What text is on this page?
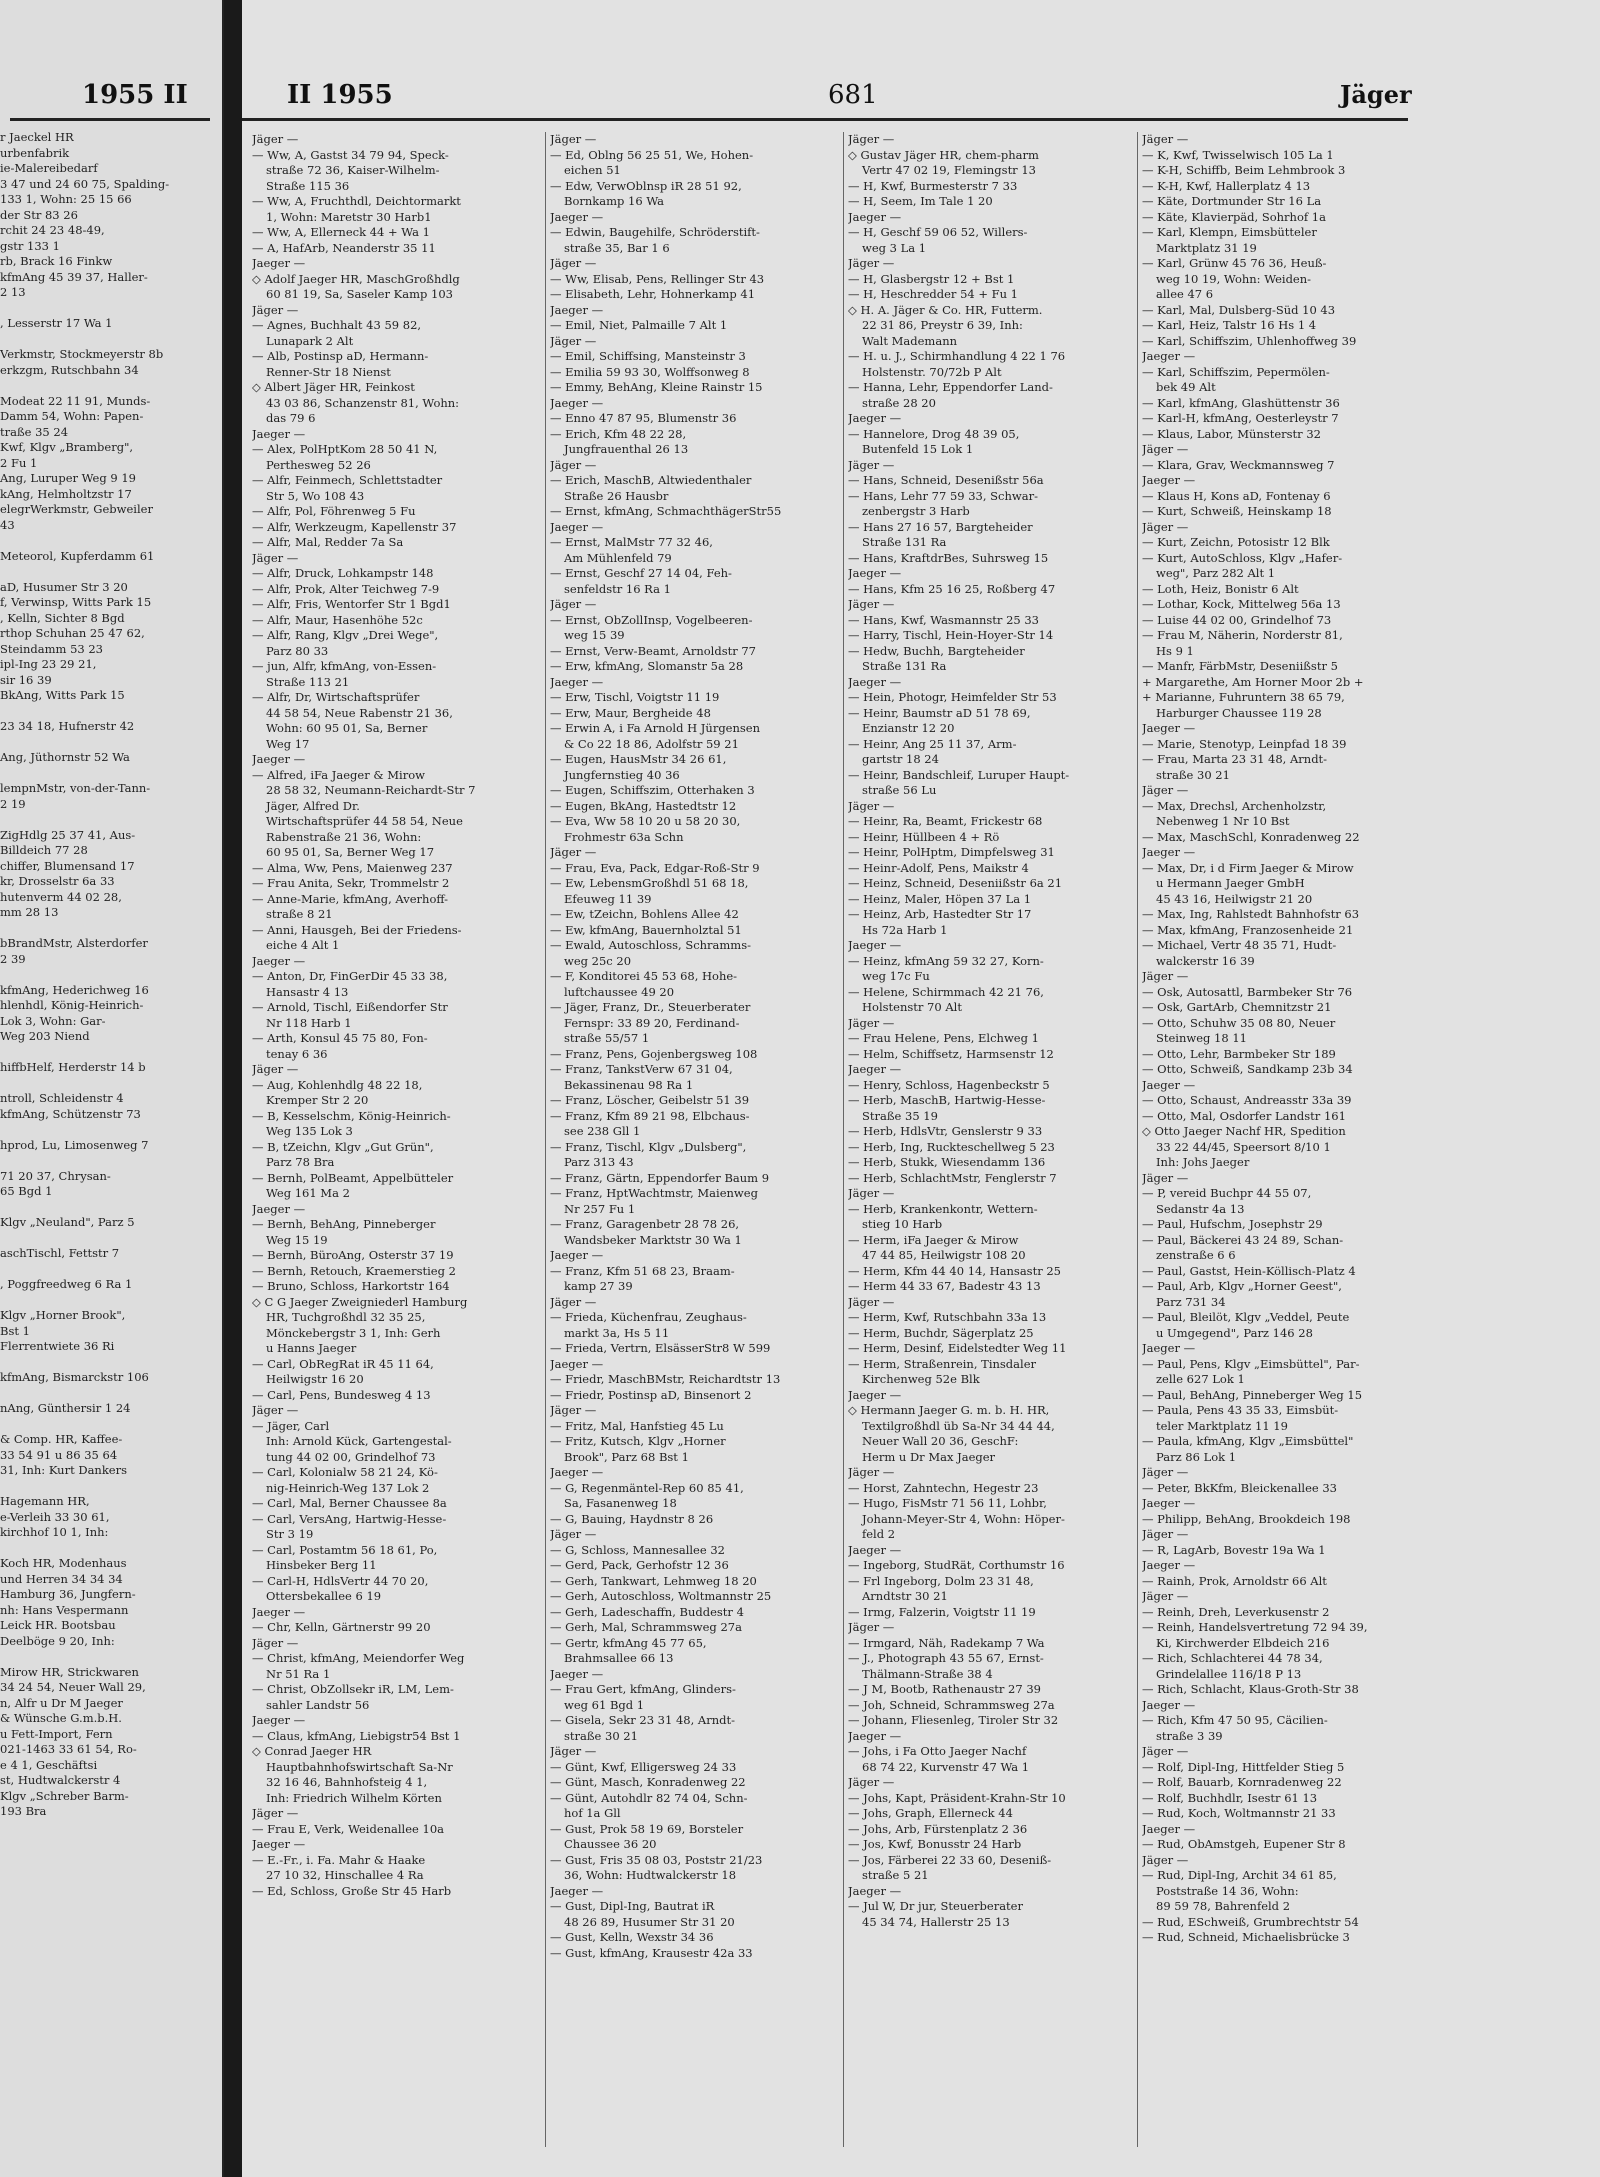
1955 II
r Jaeckel HR
urbenfabrik
ie-Malereibedarf
3 47 und 24 60 75, Spalding-
133 1, Wohn: 25 15 66
der Str 83 26
rchit 24 23 48-49,
gstr 133 1
rb, Brack 16 Finkw
kfmAng 45 39 37, Haller-
2 13

, Lesserstr 17 Wa 1

Verkmstr, Stockmeyerstr 8b
erkzgm, Rutschbahn 34

Modeat 22 11 91, Munds-
Damm 54, Wohn: Papen-
traße 35 24
Kwf, Klgv „Bramberg",
2 Fu 1
Ang, Luruper Weg 9 19
kAng, Helmholtzstr 17
elegrWerkmstr, Gebweiler
43

Meteorol, Kupferdamm 61

aD, Husumer Str 3 20
f, Verwinsp, Witts Park 15
, Kelln, Sichter 8 Bgd
rthop Schuhan 25 47 62,
Steindamm 53 23
ipl-Ing 23 29 21,
sir 16 39
BkAng, Witts Park 15

23 34 18, Hufnerstr 42

Ang, Jüthornstr 52 Wa

lempnMstr, von-der-Tann-
2 19

ZigHdlg 25 37 41, Aus-
Billdeich 77 28
chiffer, Blumensand 17
kr, Drosselstr 6a 33
hutenverm 44 02 28,
mm 28 13

bBrandMstr, Alsterdorfer
2 39

kfmAng, Hederichweg 16
hlenhdl, König-Heinrich-
Lok 3, Wohn: Gar-
Weg 203 Niend

hiffbHelf, Herderstr 14 b

ntroll, Schleidenstr 4
kfmAng, Schützenstr 73

hprod, Lu, Limosenweg 7

71 20 37, Chrysan-
65 Bgd 1

Klgv „Neuland", Parz 5

aschTischl, Fettstr 7

, Poggfreedweg 6 Ra 1

Klgv „Horner Brook",
Bst 1
Flerrentwiete 36 Ri

kfmAng, Bismarckstr 106

nAng, Günthersir 1 24

& Comp. HR, Kaffee-
33 54 91 u 86 35 64
31, Inh: Kurt Dankers

Hagemann HR,
e-Verleih 33 30 61,
kirchhof 10 1, Inh:

Koch HR, Modenhaus
und Herren 34 34 34
Hamburg 36, Jungfern-
nh: Hans Vespermann
Leick HR. Bootsbau
Deelböge 9 20, Inh:

Mirow HR, Strickwaren
34 24 54, Neuer Wall 29,
n, Alfr u Dr M Jaeger
& Wünsche G.m.b.H.
u Fett-Import, Fern
021-1463 33 61 54, Ro-
e 4 1, Geschäftsi
st, Hudtwalckerstr 4
Klgv „Schreber Barm-
193 Bra
II 1955	681	Jäger
Jäger —
— Ww, A, Gastst 34 79 94, Speck-
straße 72 36, Kaiser-Wilhelm-
Straße 115 36
— Ww, A, Fruchthdl, Deichtormarkt
1, Wohn: Maretstr 30 Harb1
— Ww, A, Ellerneck 44 + Wa 1
— A, HafArb, Neanderstr 35 11
Jaeger —
◇ Adolf Jaeger HR, MaschGroßhdlg
60 81 19, Sa, Saseler Kamp 103
Jäger —
— Agnes, Buchhalt 43 59 82,
Lunapark 2 Alt
— Alb, Postinsp aD, Hermann-
Renner-Str 18 Nienst
◇ Albert Jäger HR, Feinkost
43 03 86, Schanzenstr 81, Wohn:
das 79 6
Jaeger —
— Alex, PolHptKom 28 50 41 N,
Perthesweg 52 26
— Alfr, Feinmech, Schlettstadter
Str 5, Wo 108 43
— Alfr, Pol, Föhrenweg 5 Fu
— Alfr, Werkzeugm, Kapellenstr 37
— Alfr, Mal, Redder 7a Sa
Jäger —
— Alfr, Druck, Lohkampstr 148
— Alfr, Prok, Alter Teichweg 7-9
— Alfr, Fris, Wentorfer Str 1 Bgd1
— Alfr, Maur, Hasenhöhe 52c
— Alfr, Rang, Klgv „Drei Wege",
Parz 80 33
— jun, Alfr, kfmAng, von-Essen-
Straße 113 21
— Alfr, Dr, Wirtschaftsprüfer
44 58 54, Neue Rabenstr 21 36,
Wohn: 60 95 01, Sa, Berner
Weg 17
Jaeger —
— Alfred, iFa Jaeger & Mirow
28 58 32, Neumann-Reichardt-Str 7
Jäger, Alfred Dr.
Wirtschaftsprüfer 44 58 54, Neue
Rabenstraße 21 36, Wohn:
60 95 01, Sa, Berner Weg 17
— Alma, Ww, Pens, Maienweg 237
— Frau Anita, Sekr, Trommelstr 2
— Anne-Marie, kfmAng, Averhoff-
straße 8 21
— Anni, Hausgeh, Bei der Friedens-
eiche 4 Alt 1
Jaeger —
— Anton, Dr, FinGerDir 45 33 38,
Hansastr 4 13
— Arnold, Tischl, Eißendorfer Str
Nr 118 Harb 1
— Arth, Konsul 45 75 80, Fon-
tenay 6 36
Jäger —
— Aug, Kohlenhdlg 48 22 18,
Kremper Str 2 20
— B, Kesselschm, König-Heinrich-
Weg 135 Lok 3
— B, tZeichn, Klgv „Gut Grün",
Parz 78 Bra
— Bernh, PolBeamt, Appelbütteler
Weg 161 Ma 2
Jaeger —
— Bernh, BehAng, Pinneberger
Weg 15 19
— Bernh, BüroAng, Osterstr 37 19
— Bernh, Retouch, Kraemerstieg 2
— Bruno, Schloss, Harkortstr 164
◇ C G Jaeger Zweigniederl Hamburg
HR, Tuchgroßhdl 32 35 25,
Mönckebergstr 3 1, Inh: Gerh
u Hanns Jaeger
— Carl, ObRegRat iR 45 11 64,
Heilwigstr 16 20
— Carl, Pens, Bundesweg 4 13
Jäger —
— Jäger, Carl
Inh: Arnold Kück, Gartengestal-
tung 44 02 00, Grindelhof 73
— Carl, Kolonialw 58 21 24, Kö-
nig-Heinrich-Weg 137 Lok 2
— Carl, Mal, Berner Chaussee 8a
— Carl, VersAng, Hartwig-Hesse-
Str 3 19
— Carl, Postamtm 56 18 61, Po,
Hinsbeker Berg 11
— Carl-H, HdlsVertr 44 70 20,
Ottersbekallee 6 19
Jaeger —
— Chr, Kelln, Gärtnerstr 99 20
Jäger —
— Christ, kfmAng, Meiendorfer Weg
Nr 51 Ra 1
— Christ, ObZollsekr iR, LM, Lem-
sahler Landstr 56
Jaeger —
— Claus, kfmAng, Liebigstr54 Bst 1
◇ Conrad Jaeger HR
Hauptbahnhofswirtschaft Sa-Nr
32 16 46, Bahnhofsteig 4 1,
Inh: Friedrich Wilhelm Körten
Jäger —
— Frau E, Verk, Weidenallee 10a
Jaeger —
— E.-Fr., i. Fa. Mahr & Haake
27 10 32, Hinschallee 4 Ra
— Ed, Schloss, Große Str 45 Harb
Jäger —
— Ed, Oblng 56 25 51, We, Hohen-
eichen 51
— Edw, VerwOblnsp iR 28 51 92,
Bornkamp 16 Wa
Jaeger —
— Edwin, Baugehilfe, Schröderstift-
straße 35, Bar 1 6
Jäger —
— Ww, Elisab, Pens, Rellinger Str 43
— Elisabeth, Lehr, Hohnerkamp 41
Jaeger —
— Emil, Niet, Palmaille 7 Alt 1
Jäger —
— Emil, Schiffsing, Mansteinstr 3
— Emilia 59 93 30, Wolffsonweg 8
— Emmy, BehAng, Kleine Rainstr 15
Jaeger —
— Enno 47 87 95, Blumenstr 36
— Erich, Kfm 48 22 28,
Jungfrauenthal 26 13
Jäger —
— Erich, MaschB, Altwiedenthaler
Straße 26 Hausbr
— Ernst, kfmAng, SchmachthägerStr55
Jaeger —
— Ernst, MalMstr 77 32 46,
Am Mühlenfeld 79
— Ernst, Geschf 27 14 04, Feh-
senfeldstr 16 Ra 1
Jäger —
— Ernst, ObZollInsp, Vogelbeeren-
weg 15 39
— Ernst, Verw-Beamt, Arnoldstr 77
— Erw, kfmAng, Slomanstr 5a 28
Jaeger —
— Erw, Tischl, Voigtstr 11 19
— Erw, Maur, Bergheide 48
— Erwin A, i Fa Arnold H Jürgensen
& Co 22 18 86, Adolfstr 59 21
— Eugen, HausMstr 34 26 61,
Jungfernstieg 40 36
— Eugen, Schiffszim, Otterhaken 3
— Eugen, BkAng, Hastedtstr 12
— Eva, Ww 58 10 20 u 58 20 30,
Frohmestr 63a Schn
Jäger —
— Frau, Eva, Pack, Edgar-Roß-Str 9
— Ew, LebensmGroßhdl 51 68 18,
Efeuweg 11 39
— Ew, tZeichn, Bohlens Allee 42
— Ew, kfmAng, Bauernholztal 51
— Ewald, Autoschloss, Schramms-
weg 25c 20
— F, Konditorei 45 53 68, Hohe-
luftchaussee 49 20
— Jäger, Franz, Dr., Steuerberater
Fernspr: 33 89 20, Ferdinand-
straße 55/57 1
— Franz, Pens, Gojenbergsweg 108
— Franz, TankstVerw 67 31 04,
Bekassinenau 98 Ra 1
— Franz, Löscher, Geibelstr 51 39
— Franz, Kfm 89 21 98, Elbchaus-
see 238 Gll 1
— Franz, Tischl, Klgv „Dulsberg",
Parz 313 43
— Franz, Gärtn, Eppendorfer Baum 9
— Franz, HptWachtmstr, Maienweg
Nr 257 Fu 1
— Franz, Garagenbetr 28 78 26,
Wandsbeker Marktstr 30 Wa 1
Jaeger —
— Franz, Kfm 51 68 23, Braam-
kamp 27 39
Jäger —
— Frieda, Küchenfrau, Zeughaus-
markt 3a, Hs 5 11
— Frieda, Vertrn, ElsässerStr8 W 599
Jaeger —
— Friedr, MaschBMstr, Reichardtstr 13
— Friedr, Postinsp aD, Binsenort 2
Jäger —
— Fritz, Mal, Hanfstieg 45 Lu
— Fritz, Kutsch, Klgv „Horner
Brook", Parz 68 Bst 1
Jaeger —
— G, Regenmäntel-Rep 60 85 41,
Sa, Fasanenweg 18
— G, Bauing, Haydnstr 8 26
Jäger —
— G, Schloss, Mannesallee 32
— Gerd, Pack, Gerhofstr 12 36
— Gerh, Tankwart, Lehmweg 18 20
— Gerh, Autoschloss, Woltmannstr 25
— Gerh, Ladeschaffn, Buddestr 4
— Gerh, Mal, Schrammsweg 27a
— Gertr, kfmAng 45 77 65,
Brahmsallee 66 13
Jaeger —
— Frau Gert, kfmAng, Glinders-
weg 61 Bgd 1
— Gisela, Sekr 23 31 48, Arndt-
straße 30 21
Jäger —
— Günt, Kwf, Elligersweg 24 33
— Günt, Masch, Konradenweg 22
— Günt, Autohdlr 82 74 04, Schn-
hof 1a Gll
— Gust, Prok 58 19 69, Borsteler
Chaussee 36 20
— Gust, Fris 35 08 03, Poststr 21/23
36, Wohn: Hudtwalckerstr 18
Jaeger —
— Gust, Dipl-Ing, Bautrat iR
48 26 89, Husumer Str 31 20
— Gust, Kelln, Wexstr 34 36
— Gust, kfmAng, Krausestr 42a 33
Jäger —
◇ Gustav Jäger HR, chem-pharm
Vertr 47 02 19, Flemingstr 13
— H, Kwf, Burmesterstr 7 33
— H, Seem, Im Tale 1 20
Jaeger —
— H, Geschf 59 06 52, Willers-
weg 3 La 1
Jäger —
— H, Glasbergstr 12 + Bst 1
— H, Heschredder 54 + Fu 1
◇ H. A. Jäger & Co. HR, Futterm.
22 31 86, Preystr 6 39, Inh:
Walt Mademann
— H. u. J., Schirmhandlung 4 22 1 76
Holstenstr. 70/72b P Alt
— Hanna, Lehr, Eppendorfer Land-
straße 28 20
Jaeger —
— Hannelore, Drog 48 39 05,
Butenfeld 15 Lok 1
Jäger —
— Hans, Schneid, Desenißstr 56a
— Hans, Lehr 77 59 33, Schwar-
zenbergstr 3 Harb
— Hans 27 16 57, Bargteheider
Straße 131 Ra
— Hans, KraftdrBes, Suhrsweg 15
Jaeger —
— Hans, Kfm 25 16 25, Roßberg 47
Jäger —
— Hans, Kwf, Wasmannstr 25 33
— Harry, Tischl, Hein-Hoyer-Str 14
— Hedw, Buchh, Bargteheider
Straße 131 Ra
Jaeger —
— Hein, Photogr, Heimfelder Str 53
— Heinr, Baumstr aD 51 78 69,
Enzianstr 12 20
— Heinr, Ang 25 11 37, Arm-
gartstr 18 24
— Heinr, Bandschleif, Luruper Haupt-
straße 56 Lu
Jäger —
— Heinr, Ra, Beamt, Frickestr 68
— Heinr, Hüllbeen 4 + Rö
— Heinr, PolHptm, Dimpfelsweg 31
— Heinr-Adolf, Pens, Maikstr 4
— Heinz, Schneid, Deseniißstr 6a 21
— Heinz, Maler, Höpen 37 La 1
— Heinz, Arb, Hastedter Str 17
Hs 72a Harb 1
Jaeger —
— Heinz, kfmAng 59 32 27, Korn-
weg 17c Fu
— Helene, Schirmmach 42 21 76,
Holstenstr 70 Alt
Jäger —
— Frau Helene, Pens, Elchweg 1
— Helm, Schiffsetz, Harmsenstr 12
Jaeger —
— Henry, Schloss, Hagenbeckstr 5
— Herb, MaschB, Hartwig-Hesse-
Straße 35 19
— Herb, HdlsVtr, Genslerstr 9 33
— Herb, Ing, Ruckteschellweg 5 23
— Herb, Stukk, Wiesendamm 136
— Herb, SchlachtMstr, Fenglerstr 7
Jäger —
— Herb, Krankenkontr, Wettern-
stieg 10 Harb
— Herm, iFa Jaeger & Mirow
47 44 85, Heilwigstr 108 20
— Herm, Kfm 44 40 14, Hansastr 25
— Herm 44 33 67, Badestr 43 13
Jäger —
— Herm, Kwf, Rutschbahn 33a 13
— Herm, Buchdr, Sägerplatz 25
— Herm, Desinf, Eidelstedter Weg 11
— Herm, Straßenrein, Tinsdaler
Kirchenweg 52e Blk
Jaeger —
◇ Hermann Jaeger G. m. b. H. HR,
Textilgroßhdl üb Sa-Nr 34 44 44,
Neuer Wall 20 36, GeschF:
Herm u Dr Max Jaeger
Jäger —
— Horst, Zahntechn, Hegestr 23
— Hugo, FisMstr 71 56 11, Lohbr,
Johann-Meyer-Str 4, Wohn: Höper-
feld 2
Jaeger —
— Ingeborg, StudRät, Corthumstr 16
— Frl Ingeborg, Dolm 23 31 48,
Arndtstr 30 21
— Irmg, Falzerin, Voigtstr 11 19
Jäger —
— Irmgard, Näh, Radekamp 7 Wa
— J., Photograph 43 55 67, Ernst-
Thälmann-Straße 38 4
— J M, Bootb, Rathenaustr 27 39
— Joh, Schneid, Schrammsweg 27a
— Johann, Fliesenleg, Tiroler Str 32
Jaeger —
— Johs, i Fa Otto Jaeger Nachf
68 74 22, Kurvenstr 47 Wa 1
Jäger —
— Johs, Kapt, Präsident-Krahn-Str 10
— Johs, Graph, Ellerneck 44
— Johs, Arb, Fürstenplatz 2 36
— Jos, Kwf, Bonusstr 24 Harb
— Jos, Färberei 22 33 60, Deseniß-
straße 5 21
Jaeger —
— Jul W, Dr jur, Steuerberater
45 34 74, Hallerstr 25 13
Jäger —
— K, Kwf, Twisselwisch 105 La 1
— K-H, Schiffb, Beim Lehmbrook 3
— K-H, Kwf, Hallerplatz 4 13
— Käte, Dortmunder Str 16 La
— Käte, Klavierpäd, Sohrhof 1a
— Karl, Klempn, Eimsbütteler
Marktplatz 31 19
— Karl, Grünw 45 76 36, Heuß-
weg 10 19, Wohn: Weiden-
allee 47 6
— Karl, Mal, Dulsberg-Süd 10 43
— Karl, Heiz, Talstr 16 Hs 1 4
— Karl, Schiffszim, Uhlenhoffweg 39
Jaeger —
— Karl, Schiffszim, Pepermölen-
bek 49 Alt
— Karl, kfmAng, Glashüttenstr 36
— Karl-H, kfmAng, Oesterleystr 7
— Klaus, Labor, Münsterstr 32
Jäger —
— Klara, Grav, Weckmannsweg 7
Jaeger —
— Klaus H, Kons aD, Fontenay 6
— Kurt, Schweiß, Heinskamp 18
Jäger —
— Kurt, Zeichn, Potosistr 12 Blk
— Kurt, AutoSchloss, Klgv „Hafer-
weg", Parz 282 Alt 1
— Loth, Heiz, Bonistr 6 Alt
— Lothar, Kock, Mittelweg 56a 13
— Luise 44 02 00, Grindelhof 73
— Frau M, Näherin, Norderstr 81,
Hs 9 1
— Manfr, FärbMstr, Deseniißstr 5
+ Margarethe, Am Horner Moor 2b +
+ Marianne, Fuhruntern 38 65 79,
Harburger Chaussee 119 28
Jaeger —
— Marie, Stenotyp, Leinpfad 18 39
— Frau, Marta 23 31 48, Arndt-
straße 30 21
Jäger —
— Max, Drechsl, Archenholzstr,
Nebenweg 1 Nr 10 Bst
— Max, MaschSchl, Konradenweg 22
Jaeger —
— Max, Dr, i d Firm Jaeger & Mirow
u Hermann Jaeger GmbH
45 43 16, Heilwigstr 21 20
— Max, Ing, Rahlstedt Bahnhofstr 63
— Max, kfmAng, Franzosenheide 21
— Michael, Vertr 48 35 71, Hudt-
walckerstr 16 39
Jäger —
— Osk, Autosattl, Barmbeker Str 76
— Osk, GartArb, Chemnitzstr 21
— Otto, Schuhw 35 08 80, Neuer
Steinweg 18 11
— Otto, Lehr, Barmbeker Str 189
— Otto, Schweiß, Sandkamp 23b 34
Jaeger —
— Otto, Schaust, Andreasstr 33a 39
— Otto, Mal, Osdorfer Landstr 161
◇ Otto Jaeger Nachf HR, Spedition
33 22 44/45, Speersort 8/10 1
Inh: Johs Jaeger
Jäger —
— P, vereid Buchpr 44 55 07,
Sedanstr 4a 13
— Paul, Hufschm, Josephstr 29
— Paul, Bäckerei 43 24 89, Schan-
zenstraße 6 6
— Paul, Gastst, Hein-Köllisch-Platz 4
— Paul, Arb, Klgv „Horner Geest",
Parz 731 34
— Paul, Bleilöt, Klgv „Veddel, Peute
u Umgegend", Parz 146 28
Jaeger —
— Paul, Pens, Klgv „Eimsbüttel", Par-
zelle 627 Lok 1
— Paul, BehAng, Pinneberger Weg 15
— Paula, Pens 43 35 33, Eimsbüt-
teler Marktplatz 11 19
— Paula, kfmAng, Klgv „Eimsbüttel"
Parz 86 Lok 1
Jäger —
— Peter, BkKfm, Bleickenallee 33
Jaeger —
— Philipp, BehAng, Brookdeich 198
Jäger —
— R, LagArb, Bovestr 19a Wa 1
Jaeger —
— Rainh, Prok, Arnoldstr 66 Alt
Jäger —
— Reinh, Dreh, Leverkusenstr 2
— Reinh, Handelsvertretung 72 94 39,
Ki, Kirchwerder Elbdeich 216
— Rich, Schlachterei 44 78 34,
Grindelallee 116/18 P 13
— Rich, Schlacht, Klaus-Groth-Str 38
Jaeger —
— Rich, Kfm 47 50 95, Cäcilien-
straße 3 39
Jäger —
— Rolf, Dipl-Ing, Hittfelder Stieg 5
— Rolf, Bauarb, Kornradenweg 22
— Rolf, Buchhdlr, Isestr 61 13
— Rud, Koch, Woltmannstr 21 33
Jaeger —
— Rud, ObAmstgeh, Eupener Str 8
Jäger —
— Rud, Dipl-Ing, Archit 34 61 85,
Poststraße 14 36, Wohn:
89 59 78, Bahrenfeld 2
— Rud, ESchweiß, Grumbrechtstr 54
— Rud, Schneid, Michaelisbrücke 3
